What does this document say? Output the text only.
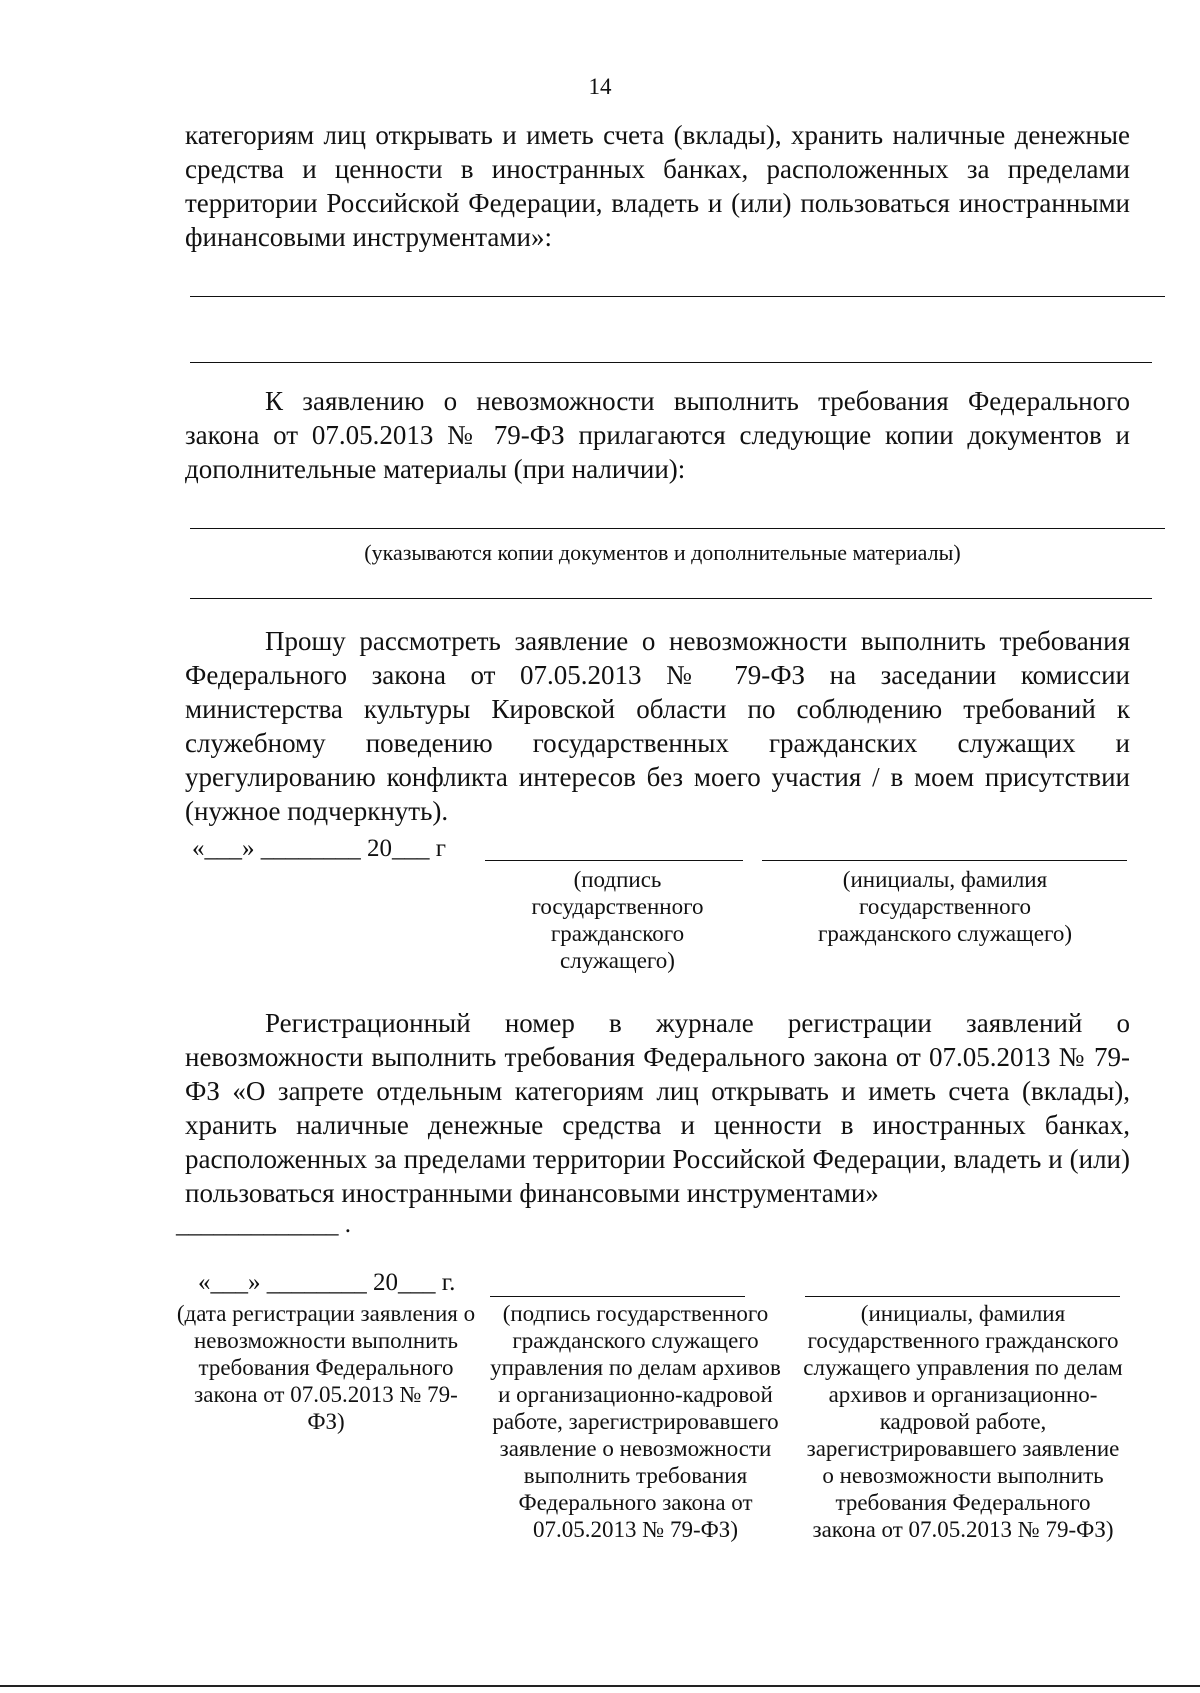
14
категориям лиц открывать и иметь счета (вклады), хранить наличные денежные средства и ценности в иностранных банках, расположенных за пределами территории Российской Федерации, владеть и (или) пользоваться иностранными финансовыми инструментами»:
К заявлению о невозможности выполнить требования Федерального закона от 07.05.2013 № 79-ФЗ прилагаются следующие копии документов и дополнительные материалы (при наличии):
(указываются копии документов и дополнительные материалы)
Прошу рассмотреть заявление о невозможности выполнить требования Федерального закона от 07.05.2013 № 79-ФЗ на заседании комиссии министерства культуры Кировской области по соблюдению требований к служебному поведению государственных гражданских служащих и урегулированию конфликта интересов без моего участия / в моем присутствии (нужное подчеркнуть).
«___» ________ 20___ г
(подпись государственного гражданского служащего)
(инициалы, фамилия государственного гражданского служащего)
Регистрационный номер в журнале регистрации заявлений о невозможности выполнить требования Федерального закона от 07.05.2013 № 79-ФЗ «О запрете отдельным категориям лиц открывать и иметь счета (вклады), хранить наличные денежные средства и ценности в иностранных банках, расположенных за пределами территории Российской Федерации, владеть и (или) пользоваться иностранными финансовыми инструментами»
_____________ .
«___» ________ 20___ г.
(дата регистрации заявления о невозможности выполнить требования Федерального закона от 07.05.2013 № 79-ФЗ)
(подпись государственного гражданского служащего управления по делам архивов и организационно-кадровой работе, зарегистрировавшего заявление о невозможности выполнить требования Федерального закона от 07.05.2013 № 79-ФЗ)
(инициалы, фамилия государственного гражданского служащего управления по делам архивов и организационно-кадровой работе, зарегистрировавшего заявление о невозможности выполнить требования Федерального закона от 07.05.2013 № 79-ФЗ)
